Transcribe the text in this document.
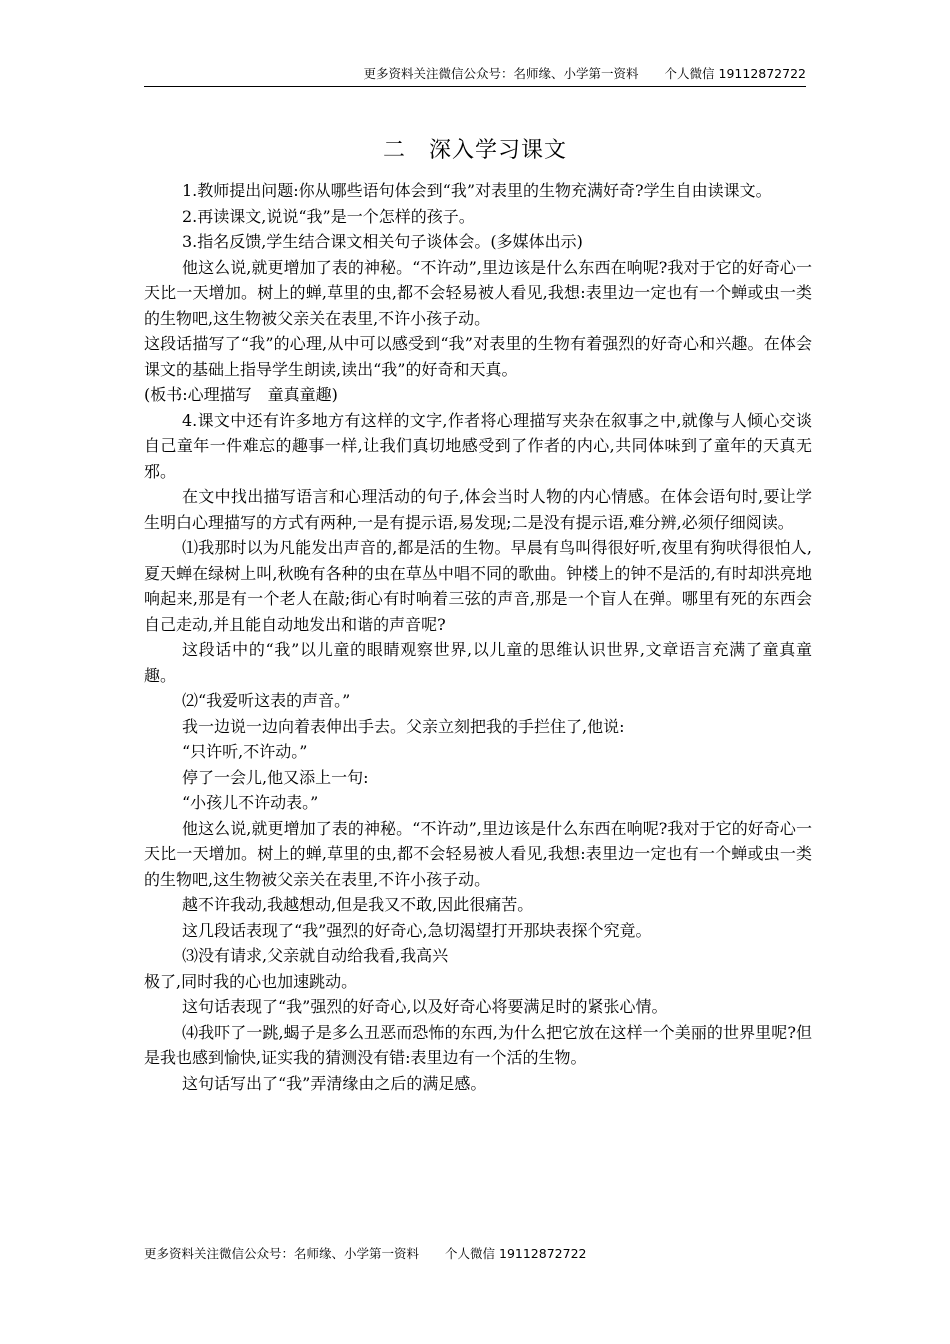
更多资料关注微信公众号：名师缘、小学第一资料 个人微信 19112872722
二　深入学习课文

1.教师提出问题:你从哪些语句体会到“我”对表里的生物充满好奇?学生自由读课文。

2.再读课文,说说“我”是一个怎样的孩子。

3.指名反馈,学生结合课文相关句子谈体会。(多媒体出示)

他这么说,就更增加了表的神秘。“不许动”,里边该是什么东西在响呢?我对于它的好奇心一天比一天增加。树上的蝉,草里的虫,都不会轻易被人看见,我想:表里边一定也有一个蝉或虫一类的生物吧,这生物被父亲关在表里,不许小孩子动。

这段话描写了“我”的心理,从中可以感受到“我”对表里的生物有着强烈的好奇心和兴趣。在体会课文的基础上指导学生朗读,读出“我”的好奇和天真。

(板书:心理描写　童真童趣)

4.课文中还有许多地方有这样的文字,作者将心理描写夹杂在叙事之中,就像与人倾心交谈自己童年一件难忘的趣事一样,让我们真切地感受到了作者的内心,共同体味到了童年的天真无邪。

在文中找出描写语言和心理活动的句子,体会当时人物的内心情感。在体会语句时,要让学生明白心理描写的方式有两种,一是有提示语,易发现;二是没有提示语,难分辨,必须仔细阅读。

⑴我那时以为凡能发出声音的,都是活的生物。早晨有鸟叫得很好听,夜里有狗吠得很怕人,夏天蝉在绿树上叫,秋晚有各种的虫在草丛中唱不同的歌曲。钟楼上的钟不是活的,有时却洪亮地响起来,那是有一个老人在敲;街心有时响着三弦的声音,那是一个盲人在弹。哪里有死的东西会自己走动,并且能自动地发出和谐的声音呢?

这段话中的“我”以儿童的眼睛观察世界,以儿童的思维认识世界,文章语言充满了童真童趣。

⑵“我爱听这表的声音。”

我一边说一边向着表伸出手去。父亲立刻把我的手拦住了,他说:

“只许听,不许动。”

停了一会儿,他又添上一句:

“小孩儿不许动表。”

他这么说,就更增加了表的神秘。“不许动”,里边该是什么东西在响呢?我对于它的好奇心一天比一天增加。树上的蝉,草里的虫,都不会轻易被人看见,我想:表里边一定也有一个蝉或虫一类的生物吧,这生物被父亲关在表里,不许小孩子动。

越不许我动,我越想动,但是我又不敢,因此很痛苦。

这几段话表现了“我”强烈的好奇心,急切渴望打开那块表探个究竟。

⑶没有请求,父亲就自动给我看,我高兴

极了,同时我的心也加速跳动。

这句话表现了“我”强烈的好奇心,以及好奇心将要满足时的紧张心情。

⑷我吓了一跳,蝎子是多么丑恶而恐怖的东西,为什么把它放在这样一个美丽的世界里呢?但是我也感到愉快,证实我的猜测没有错:表里边有一个活的生物。

这句话写出了“我”弄清缘由之后的满足感。

更多资料关注微信公众号：名师缘、小学第一资料 个人微信 19112872722
